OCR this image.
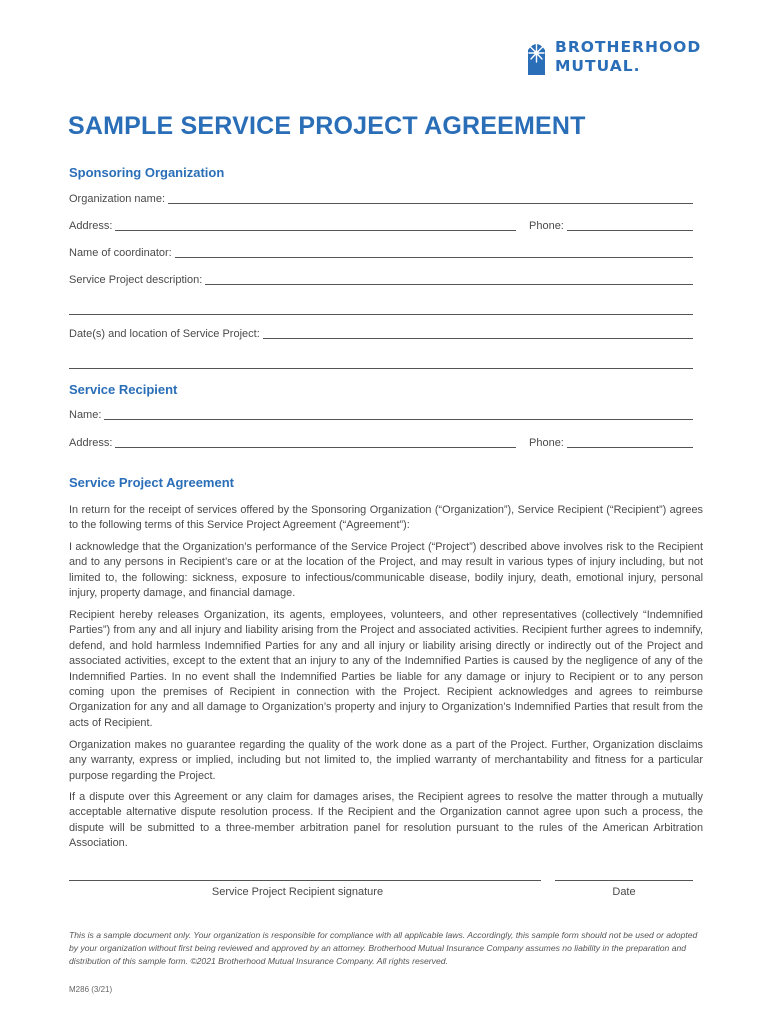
BROTHERHOOD
MUTUAL.
SAMPLE SERVICE PROJECT AGREEMENT
Sponsoring Organization
Organization name:
Address:	Phone:
Name of coordinator:
Service Project description:
Date(s) and location of Service Project:
Service Recipient
Name:
Address:	Phone:
Service Project Agreement

In return for the receipt of services offered by the Sponsoring Organization (“Organization”), Service Recipient (“Recipient”) agrees to the following terms of this Service Project Agreement (“Agreement”):

I acknowledge that the Organization’s performance of the Service Project (“Project”) described above involves risk to the Recipient and to any persons in Recipient’s care or at the location of the Project, and may result in various types of injury including, but not limited to, the following: sickness, exposure to infectious/communicable disease, bodily injury, death, emotional injury, personal injury, property damage, and financial damage.

Recipient hereby releases Organization, its agents, employees, volunteers, and other representatives (collectively “Indemnified Parties”) from any and all injury and liability arising from the Project and associated activities. Recipient further agrees to indemnify, defend, and hold harmless Indemnified Parties for any and all injury or liability arising directly or indirectly out of the Project and associated activities, except to the extent that an injury to any of the Indemnified Parties is caused by the negligence of any of the Indemnified Parties. In no event shall the Indemnified Parties be liable for any damage or injury to Recipient or to any person coming upon the premises of Recipient in connection with the Project. Recipient acknowledges and agrees to reimburse Organization for any and all damage to Organization’s property and injury to Organization’s Indemnified Parties that result from the acts of Recipient.

Organization makes no guarantee regarding the quality of the work done as a part of the Project. Further, Organization disclaims any warranty, express or implied, including but not limited to, the implied warranty of merchantability and fitness for a particular purpose regarding the Project.

If a dispute over this Agreement or any claim for damages arises, the Recipient agrees to resolve the matter through a mutually acceptable alternative dispute resolution process. If the Recipient and the Organization cannot agree upon such a process, the dispute will be submitted to a three-member arbitration panel for resolution pursuant to the rules of the American Arbitration Association.

Service Project Recipient signature	Date

This is a sample document only. Your organization is responsible for compliance with all applicable laws. Accordingly, this sample form should not be used or adopted by your organization without first being reviewed and approved by an attorney. Brotherhood Mutual Insurance Company assumes no liability in the preparation and distribution of this sample form. ©2021 Brotherhood Mutual Insurance Company. All rights reserved.

M286 (3/21)
